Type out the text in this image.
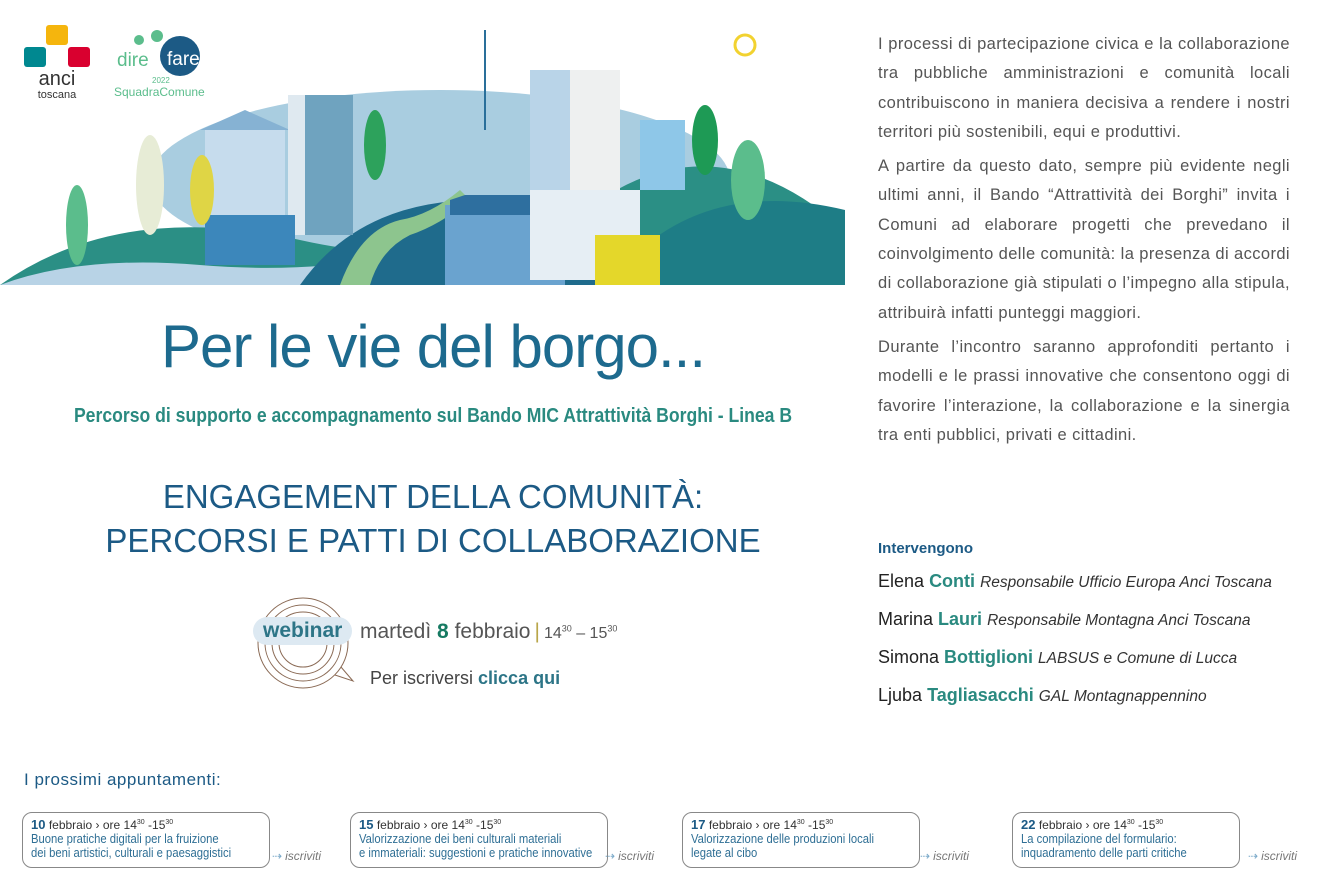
anci
toscana
dire fare
2022
SquadraComune
Per le vie del borgo...
Percorso di supporto e accompagnamento sul Bando MIC Attrattività Borghi - Linea B
ENGAGEMENT DELLA COMUNITÀ:
PERCORSI E PATTI DI COLLABORAZIONE
webinar martedì 8 febbraio | $14^{30} - 15^{30}$
Per iscriversi clicca qui

I processi di partecipazione civica e la collaborazione tra pubbliche amministrazioni e comunità locali contribuiscono in maniera decisiva a rendere i nostri territori più sostenibili, equi e produttivi.

A partire da questo dato, sempre più evidente negli ultimi anni, il Bando “Attrattività dei Borghi” invita i Comuni ad elaborare progetti che prevedano il coinvolgimento delle comunità: la presenza di accordi di collaborazione già stipulati o l’impegno alla stipula, attribuirà infatti punteggi maggiori.

Durante l’incontro saranno approfonditi pertanto i modelli e le prassi innovative che consentono oggi di favorire l’interazione, la collaborazione e la sinergia tra enti pubblici, privati e cittadini.

Intervengono
Elena Conti Responsabile Ufficio Europa Anci Toscana
Marina Lauri Responsabile Montagna Anci Toscana
Simona Bottiglioni LABSUS e Comune di Lucca
Ljuba Tagliasacchi GAL Montagnappennino
I prossimi appuntamenti:
10 febbraio › ore $14^{30}$ $-15^{30}$
Buone pratiche digitali per la fruizione
dei beni artistici, culturali e paesaggistici	⇢ iscriviti
15 febbraio › ore $14^{30}$ $-15^{30}$
Valorizzazione dei beni culturali materiali
e immateriali: suggestioni e pratiche innovative ⇢ iscriviti
17 febbraio › ore $14^{30}$ $-15^{30}$
Valorizzazione delle produzioni locali
legate al cibo	⇢ iscriviti
22 febbraio › ore $14^{30}$ $-15^{30}$
La compilazione del formulario:
inquadramento delle parti critiche	⇢ iscriviti
